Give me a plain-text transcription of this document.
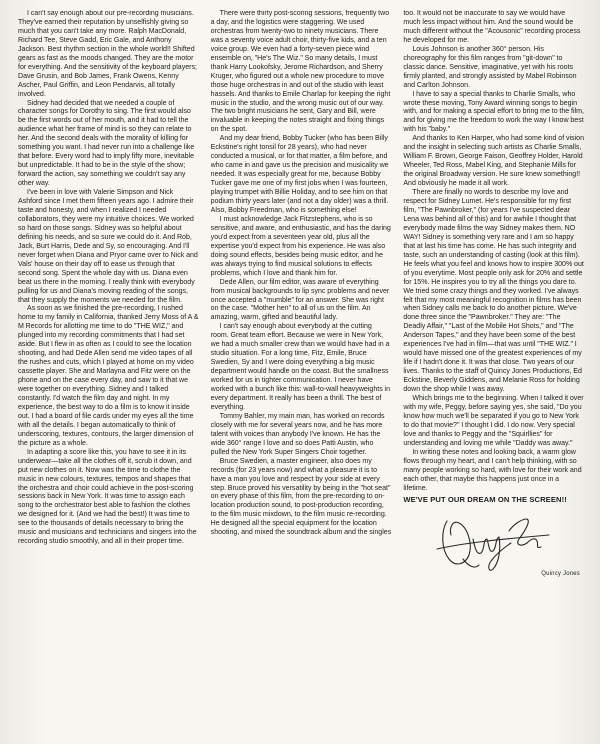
I can't say enough about our pre-recording musicians. They've earned their reputation by unselfishly giving so much that you can't take any more. Ralph MacDonald, Richard Tee, Steve Gadd, Eric Gale, and Anthony Jackson. Best rhythm section in the whole world!! Shifted gears as fast as the moods changed. They are the motor for everything. And the sensitivity of the keyboard players; Dave Grusin, and Bob James, Frank Owens, Kenny Ascher, Paul Griffin, and Leon Pendarvis, all totally involved.

Sidney had decided that we needed a couple of character songs for Dorothy to sing. The first would also be the first words out of her mouth, and it had to tell the audience what her frame of mind is so they can relate to her. And the second deals with the morality of killing for something you want. I had never run into a challenge like that before. Every word had to imply fifty more, inevitable but unpredictable. It had to be in the style of the show; forward the action, say something we couldn't say any other way.

I've been in love with Valerie Simpson and Nick Ashford since I met them fifteen years ago. I admire their taste and honesty, and when I realized I needed collaborators, they were my intuitive choices. We worked so hard on those songs. Sidney was so helpful about defining his needs, and so sure we could do it. And Rob, Jack, Burt Harris, Dede and Sy, so encouraging. And I'll never forget when Diana and Pryor came over to Nick and Vals' house on their day off to ease us through that second song. Spent the whole day with us. Diana even beat us there in the morning. I really think with everybody pulling for us and Diana's moving reading of the songs, that they supply the moments we needed for the film.

As soon as we finished the pre-recording, I rushed home to my family in California, thanked Jerry Moss of A & M Records for allotting me time to do "THE WIZ," and plunged into my recording commitments that I had set aside. But I flew in as often as I could to see the location shooting, and had Dede Allen send me video tapes of all the rushes and cuts, which I played at home on my video cassette player. She and Marlayna and Fitz were on the phone and on the case every day, and saw to it that we were together on everything. Sidney and I talked constantly. I'd watch the film day and night. In my experience, the best way to do a film is to know it inside out. I had a board of file cards under my eyes all the time with all the details. I began automatically to think of underscoring, textures, contours, the larger dimension of the picture as a whole.

In adapting a score like this, you have to see it in its underwear—take all the clothes off it, scrub it down, and put new clothes on it. Now was the time to clothe the music in new colours, textures, tempos and shapes that the orchestra and choir could achieve in the post-scoring sessions back in New York. It was time to assign each song to the orchestrator best able to fashion the clothes we designed for it. (And we had the best!) It was time to see to the thousands of details necessary to bring the music and musicians and technicians and singers into the recording studio smoothly, and all in their proper time.

There were thirty post-scoring sessions, frequently two a day, and the logistics were staggering. We used orchestras from twenty-two to ninety musicians. There was a seventy voice adult choir, thirty-five kids, and a ten voice group. We even had a forty-seven piece wind ensemble on, "He's The Wiz." So many details, I must thank Harry Lookofsky, Jerome Richardson, and Sherry Kruger, who figured out a whole new procedure to move those huge orchestras in and out of the studio with least hassels. And thanks to Emile Charlap for keeping the right music in the studio, and the wrong music out of our way. The two bright musicians he sent, Gary and Bill, were invaluable in keeping the notes straight and fixing things on the spot.

And my dear friend, Bobby Tucker (who has been Billy Eckstine's right tonsil for 28 years), who had never conducted a musical, or for that matter, a film before, and who came in and gave us the precision and musicality we needed. It was especially great for me, because Bobby Tucker gave me one of my first jobs when I was fourteen, playing trumpet with Billie Holiday, and to see him on that podium thirty years later (and not a day older) was a thrill. Also, Bobby Freedman, who is something else!

I must acknowledge Jack Fitzstephens, who is so sensitive, and aware, and enthusiastic, and has the daring you'd expect from a seventeen year old, plus all the expertise you'd expect from his experience. He was also doing sound effects, besides being music editor, and he was always trying to find musical solutions to effects problems, which I love and thank him for.

Dede Allen, our film editor, was aware of everything from musical backgrounds to lip sync problems and never once accepted a "mumble" for an answer. She was right on the case. "Mother hen" to all of us on the film. An amazing, warm, gifted and beautiful lady.

I can't say enough about everybody at the cutting room. Great team effort. Because we were in New York, we had a much smaller crew than we would have had in a studio situation. For a long time, Fitz, Emile, Bruce Swedien, Sy and I were doing everything a big music department would handle on the coast. But the smallness worked for us in tighter communication. I never have worked with a bunch like this: wall-to-wall heavyweights in every department. It really has been a thrill. The best of everything.

Tommy Bahler, my main man, has worked on records closely with me for several years now, and he has more talent with voices than anybody I've known. He has the wide 360° range I love and so does Patti Austin, who pulled the New York Super Singers Choir together.

Bruce Swedien, a master engineer, also does my records (for 23 years now) and what a pleasure it is to have a man you love and respect by your side at every step. Bruce proved his versatility by being in the "hot seat" on every phase of this film, from the pre-recording to on-location production sound, to post-production recording, to the film music mixdown, to the film music re-recording. He designed all the special equipment for the location shooting, and mixed the soundtrack album and the singles

too. It would not be inaccurate to say we would have much less impact without him. And the sound would be much different without the "Acousonic" recording process he developed for me.

Louis Johnson is another 360° person. His choreography for this film ranges from "git-down" to classic dance. Sensitive, imaginative, yet with his roots firmly planted, and strongly assisted by Mabel Robinson and Carlton Johnson.

I have to say a special thanks to Charlie Smalls, who wrote these moving, Tony Award winning songs to begin with, and for making a special effort to bring me to the film, and for giving me the freedom to work the way I know best with his "baby."

And thanks to Ken Harper, who had some kind of vision and the insight in selecting such artists as Charlie Smalls, William F. Brown, George Faison, Geoffrey Holder, Harold Wheeler, Ted Ross, Mabel King, and Stephanie Mills for the original Broadway version. He sure knew something!! And obviously he made it all work.

There are finally no words to describe my love and respect for Sidney Lumet. He's responsible for my first film, "The Pawnbroker," (for years I've suspected dear Lena was behind all of this) and for awhile I thought that everybody made films the way Sidney makes them. NO WAY! Sidney is something very rare and I am so happy that at last his time has come. He has such integrity and taste, such an understanding of casting (look at this film). He feels what you feel and knows how to inspire 300% out of you everytime. Most people only ask for 20% and settle for 15%. He inspires you to try all the things you dare to. We tried some crazy things and they worked. I've always felt that my most meaningful recognition in films has been when Sidney calls me back to do another picture. We've done three since the "Pawnbroker." They are: "The Deadly Affair," "Last of the Mobile Hot Shots," and "The Anderson Tapes," and they have been some of the best experiences I've had in film—that was until "THE WIZ." I would have missed one of the greatest experiences of my life if I hadn't done it. It was that close. Two years of our lives. Thanks to the staff of Quincy Jones Productions, Ed Eckstine, Beverly Giddens, and Melanie Ross for holding down the shop while I was away.

Which brings me to the beginning. When I talked it over with my wife, Peggy, before saying yes, she said, "Do you know how much we'll be separated if you go to New York to do that movie?" I thought I did. I do now. Very special love and thanks to Peggy and the "Squirllies" for understanding and loving me while "Daddy was away."

In writing these notes and looking back, a warm glow flows through my heart, and I can't help thinking, with so many people working so hard, with love for their work and each other, that maybe this happens just once in a lifetime.

WE'VE PUT OUR DREAM ON THE SCREEN!!
Quincy Jones
